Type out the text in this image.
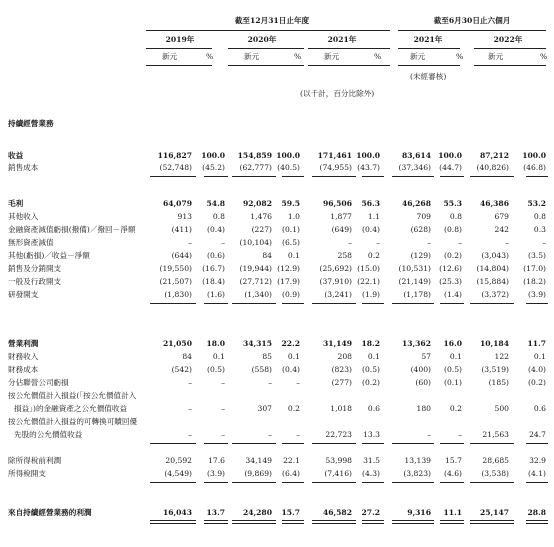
截至12月31日止年度	截至6月30日止六個月
(以千計，百分比除外)
(未經審核)
持續經營業務
2019年	2020年	2021年	2021年	2022年
新元	%	新元	%	新元	%	新元	%	新元	%
收益	116,827	100.0	154,859 100.0	171,461 100.0	83,614 100.0	87,212	100.0
銷售成本	(52,748)	(45.2)	(62,777) (40.5)	(74,955) (43.7)	(37,346)	(44.7)	(40,826)	(46.8)
毛利	64,079	54.8	92,082	59.5	96,506	56.3	46,268	55.3	46,386	53.2
其他收入	913	0.8	1,476	1.0	1,877	1.1	709	0.8	679	0.8
金融資產減值虧損(撥備)／撥回－淨額	(411)	(0.4)	(227)	(0.1)	(649)	(0.4)	(628)	(0.8)	242	0.3
無形資產減值	–	–	(10,104)	(6.5)	–	–	–	–	–	–
其他(虧損)／收益－淨額	(644)	(0.6)	84	0.1	258	0.2	(129)	(0.2)	(3,043)	(3.5)
銷售及分銷開支	(19,550)	(16.7)	(19,944) (12.9)	(25,692) (15.0)	(10,531)	(12.6)	(14,804)	(17.0)
一般及行政開支	(21,507)	(18.4)	(27,712) (17.9)	(37,910) (22.1)	(21,149)	(25.3)	(15,884)	(18.2)
研發開支	(1,830)	(1.6)	(1,340)	(0.9)	(3,241)	(1.9)	(1,178)	(1.4)	(3,372)	(3.9)
營業利潤	21,050	18.0	34,315	22.2	31,149	18.2	13,362	16.0	10,184	11.7
財務收入	84	0.1	85	0.1	208	0.1	57	0.1	122	0.1
財務成本	(542)	(0.5)	(558)	(0.4)	(823)	(0.5)	(400)	(0.5)	(3,519)	(4.0)
分佔聯營公司虧損	–	–	–	–	(277)	(0.2)	(60)	(0.1)	(185)	(0.2)
按公允價值計入損益(「按公允價值計入
損益」)的金融資產之公允價值收益	–	–	307	0.2	1,018	0.6	180	0.2	500	0.6
按公允價值計入損益的可轉換可贖回優
先股的公允價值收益	–	–	–	–	22,723	13.3	–	–	21,563	24.7
除所得稅前利潤	20,592	17.6	34,149	22.1	53,998	31.5	13,139	15.7	28,685	32.9
所得稅開支	(4,549)	(3.9)	(9,869)	(6.4)	(7,416)	(4.3)	(3,823)	(4.6)	(3,538)	(4.1)
來自持續經營業務的利潤	16,043	13.7	24,280	15.7	46,582	27.2	9,316	11.1	25,147	28.8
